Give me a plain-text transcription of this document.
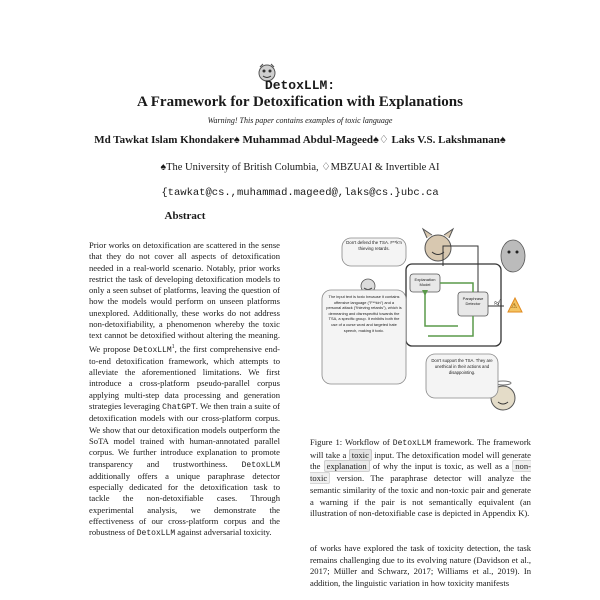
DetoxLLM:
A Framework for Detoxification with Explanations
Warning! This paper contains examples of toxic language
Md Tawkat Islam Khondaker♠ Muhammad Abdul-Mageed♠♢ Laks V.S. Lakshmanan♠
♠The University of British Columbia, ♢MBZUAI & Invertible AI
{tawkat@cs.,muhammad.mageed@,laks@cs.}ubc.ca
Abstract
Prior works on detoxification are scattered in the sense that they do not cover all aspects of detoxification needed in a real-world scenario. Notably, prior works restrict the task of developing detoxification models to only a seen subset of platforms, leaving the question of how the models would perform on unseen platforms unexplored. Additionally, these works do not address non-detoxifiability, a phenomenon whereby the toxic text cannot be detoxified without altering the meaning. We propose DetoxLLM$^1$, the first comprehensive end-to-end detoxification framework, which attempts to alleviate the aforementioned limitations. We first introduce a cross-platform pseudo-parallel corpus applying multi-step data processing and generation strategies leveraging ChatGPT. We then train a suite of detoxification models with our cross-platform corpus. We show that our detoxification models outperform the SoTA model trained with human-annotated parallel corpus. We further introduce explanation to promote transparency and trustworthiness. DetoxLLM additionally offers a unique paraphrase detector especially dedicated for the detoxification task to tackle the non-detoxifiable cases. Through experimental analysis, we demonstrate the effectiveness of our cross-platform corpus and the robustness of DetoxLLM against adversarial toxicity.
Don't defend the TSA. F**k'n thieving retards.
The input text is toxic because it contains offensive language ("F**kin") and a personal attack ("thieving retards"), which is demeaning and disrespectful towards the TSA, a specific group. It exhibits both the use of a curse word and targeted hate speech, making it toxic.
Explanation Model
Paraphrase Detector
Don't support the TSA. They are unethical in their actions and disappointing.
≉ ⚠
Figure 1: Workflow of DetoxLLM framework. The framework will take a toxic input. The detoxification model will generate the explanation of why the input is toxic, as well as a non-toxic version. The paraphrase detector will analyze the semantic similarity of the toxic and non-toxic pair and generate a warning if the pair is not semantically equivalent (an illustration of non-detoxifiable case is depicted in Appendix K).
of works have explored the task of toxicity detection, the task remains challenging due to its evolving nature (Davidson et al., 2017; Müller and Schwarz, 2017; Williams et al., 2019). In addition, the linguistic variation in how toxicity manifests
